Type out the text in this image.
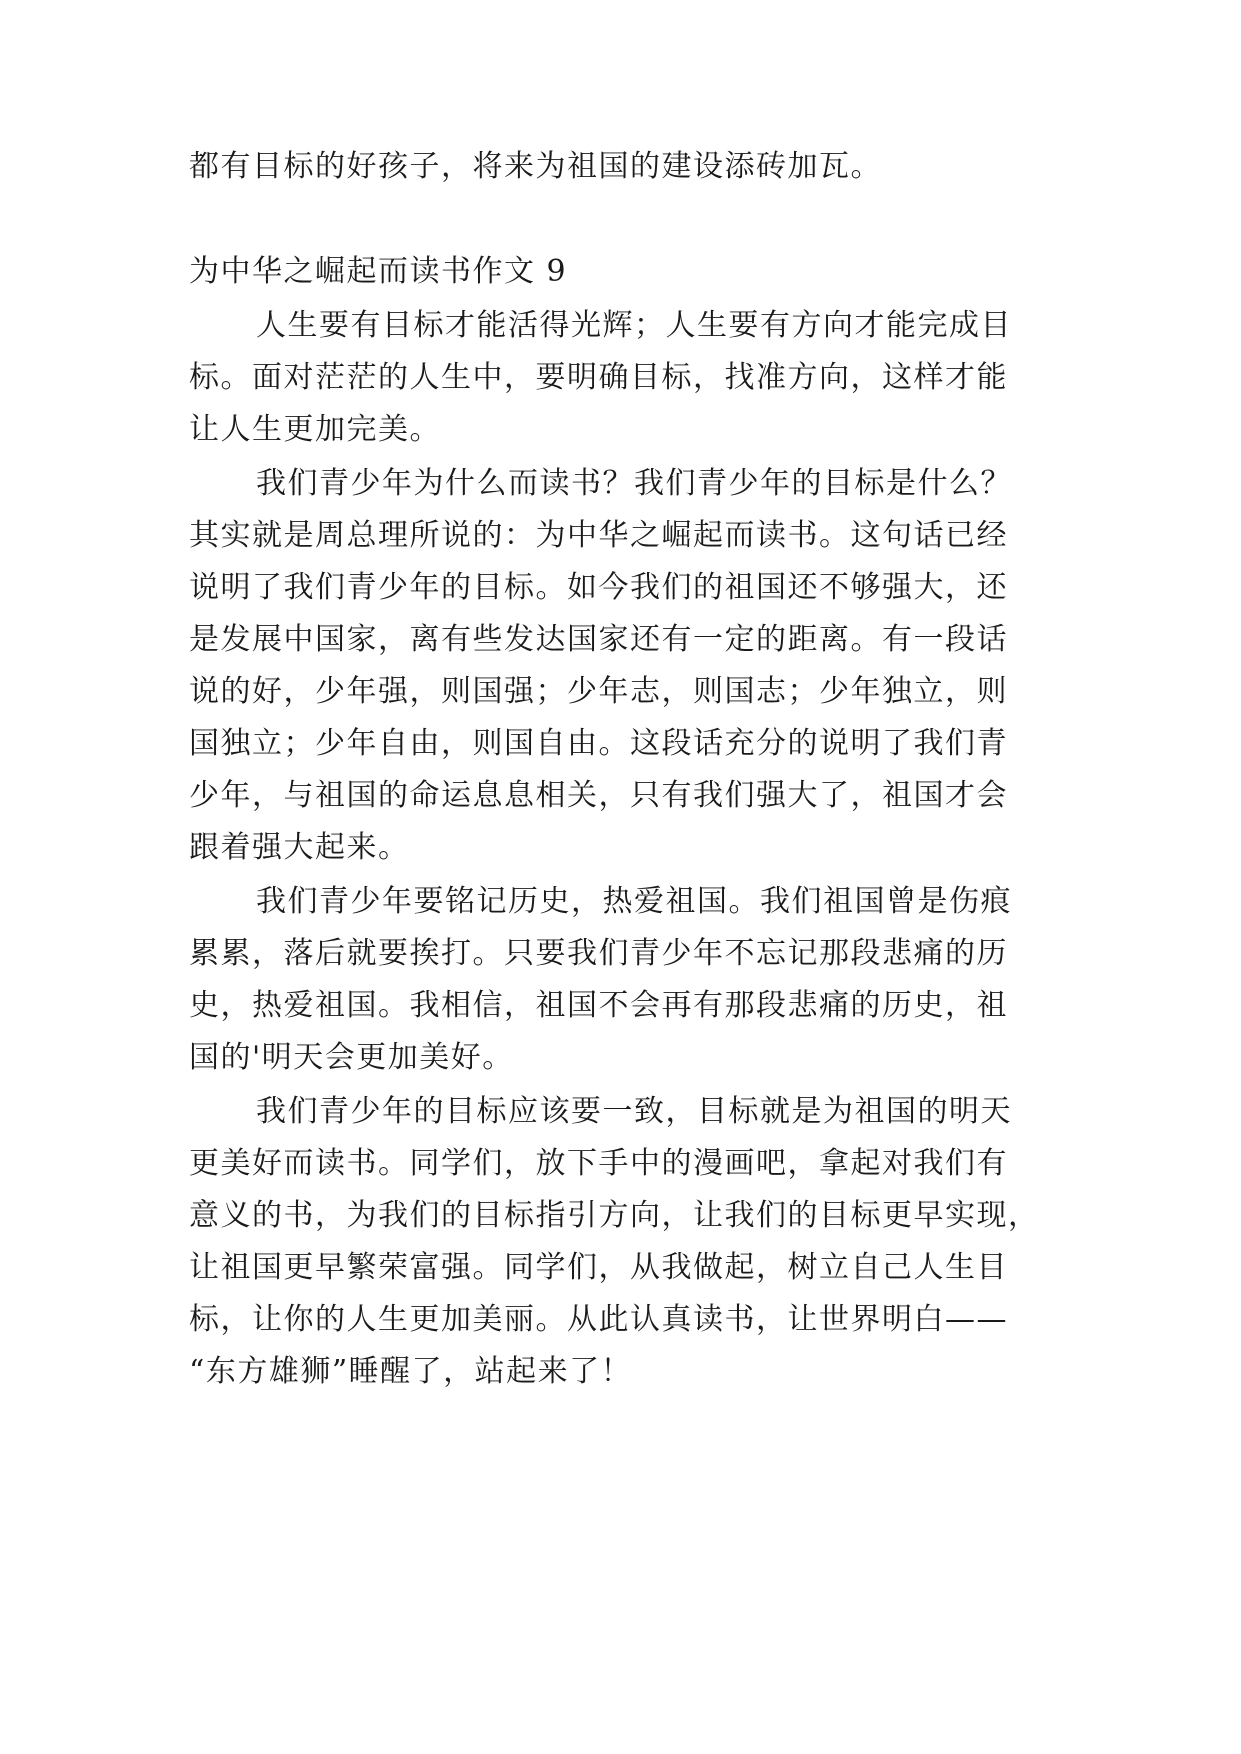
都有目标的好孩子，将来为祖国的建设添砖加瓦。
为中华之崛起而读书作文 9
人生要有目标才能活得光辉；人生要有方向才能完成目
标。面对茫茫的人生中，要明确目标，找准方向，这样才能
让人生更加完美。
我们青少年为什么而读书？我们青少年的目标是什么？
其实就是周总理所说的：为中华之崛起而读书。这句话已经
说明了我们青少年的目标。如今我们的祖国还不够强大，还
是发展中国家，离有些发达国家还有一定的距离。有一段话
说的好，少年强，则国强；少年志，则国志；少年独立，则
国独立；少年自由，则国自由。这段话充分的说明了我们青
少年，与祖国的命运息息相关，只有我们强大了，祖国才会
跟着强大起来。
我们青少年要铭记历史，热爱祖国。我们祖国曾是伤痕
累累，落后就要挨打。只要我们青少年不忘记那段悲痛的历
史，热爱祖国。我相信，祖国不会再有那段悲痛的历史，祖
国的'明天会更加美好。
我们青少年的目标应该要一致，目标就是为祖国的明天
更美好而读书。同学们，放下手中的漫画吧，拿起对我们有
意义的书，为我们的目标指引方向，让我们的目标更早实现，
让祖国更早繁荣富强。同学们，从我做起，树立自己人生目
标，让你的人生更加美丽。从此认真读书，让世界明白——
“东方雄狮”睡醒了，站起来了！
